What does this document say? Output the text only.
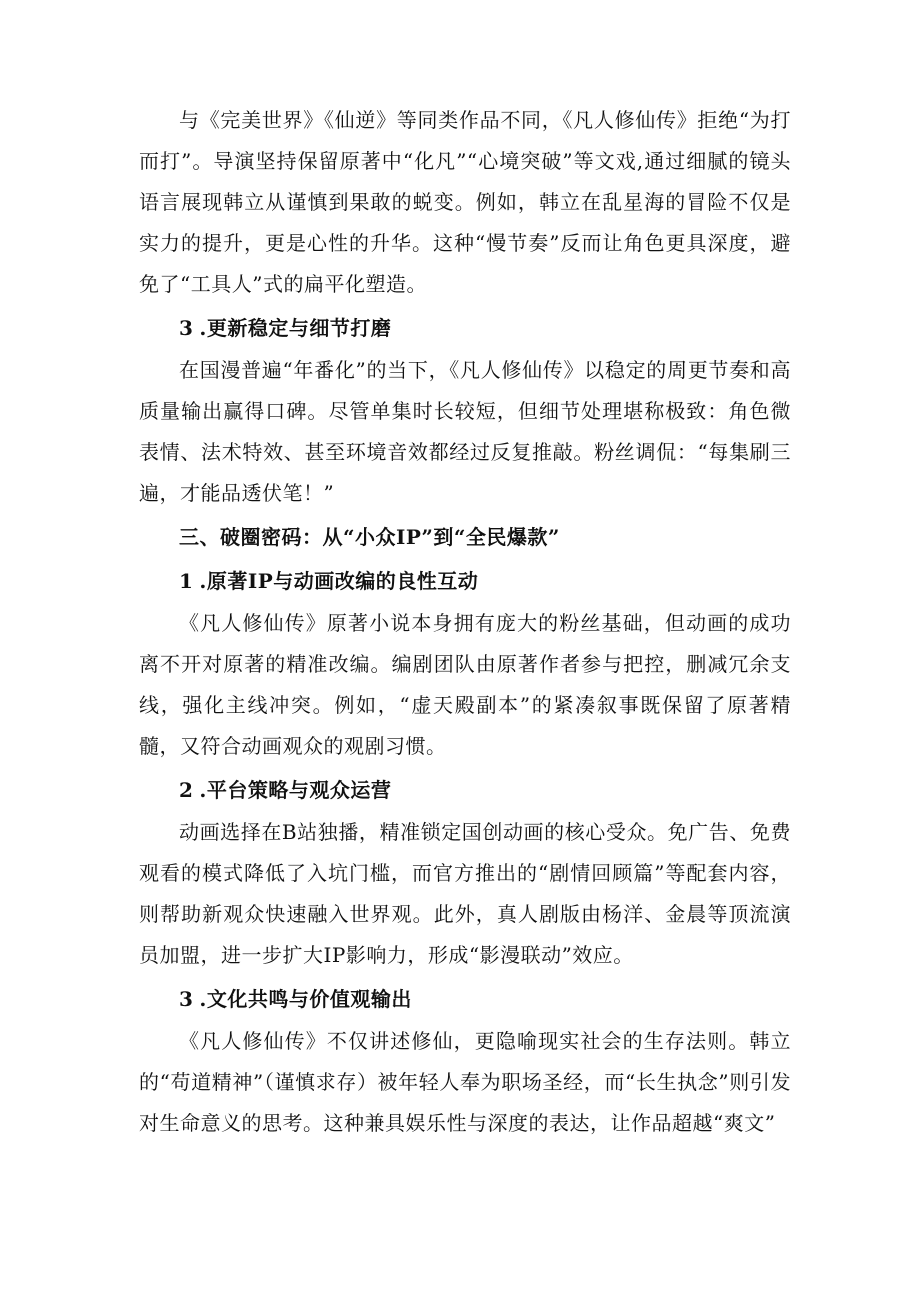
与《完美世界》《仙逆》等同类作品不同，《凡人修仙传》拒绝“为打而打”。导演坚持保留原著中“化凡”“心境突破”等文戏,通过细腻的镜头语言展现韩立从谨慎到果敢的蜕变。例如，韩立在乱星海的冒险不仅是实力的提升，更是心性的升华。这种“慢节奏”反而让角色更具深度，避免了“工具人”式的扁平化塑造。

3 .更新稳定与细节打磨

在国漫普遍“年番化”的当下，《凡人修仙传》以稳定的周更节奏和高质量输出赢得口碑。尽管单集时长较短，但细节处理堪称极致：角色微表情、法术特效、甚至环境音效都经过反复推敲。粉丝调侃：“每集刷三遍，才能品透伏笔！”

三、破圈密码：从“小众IP”到“全民爆款”
1 .原著IP与动画改编的良性互动

《凡人修仙传》原著小说本身拥有庞大的粉丝基础，但动画的成功离不开对原著的精准改编。编剧团队由原著作者参与把控，删减冗余支线，强化主线冲突。例如，“虚天殿副本”的紧凑叙事既保留了原著精髓，又符合动画观众的观剧习惯。

2 .平台策略与观众运营

动画选择在B站独播，精准锁定国创动画的核心受众。免广告、免费观看的模式降低了入坑门槛，而官方推出的“剧情回顾篇”等配套内容，则帮助新观众快速融入世界观。此外，真人剧版由杨洋、金晨等顶流演员加盟，进一步扩大IP影响力，形成“影漫联动”效应。

3 .文化共鸣与价值观输出

《凡人修仙传》不仅讲述修仙，更隐喻现实社会的生存法则。韩立的“苟道精神”（谨慎求存）被年轻人奉为职场圣经，而“长生执念”则引发对生命意义的思考。这种兼具娱乐性与深度的表达，让作品超越“爽文”
